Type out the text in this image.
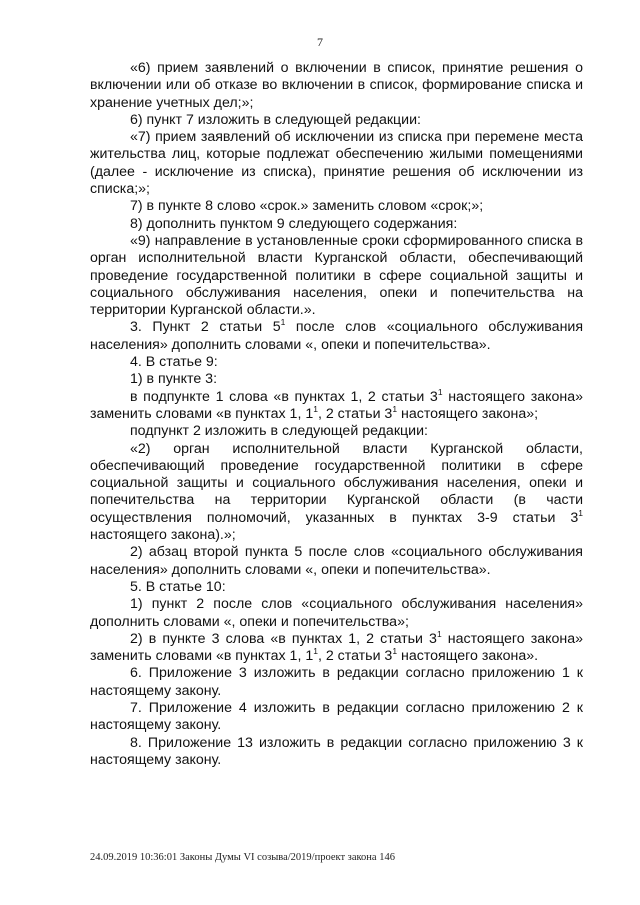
7

«6) прием заявлений о включении в список, принятие решения о включении или об отказе во включении в список, формирование списка и хранение учетных дел;»;

6) пункт 7 изложить в следующей редакции:

«7) прием заявлений об исключении из списка при перемене места жительства лиц, которые подлежат обеспечению жилыми помещениями (далее - исключение из списка), принятие решения об исключении из списка;»;

7) в пункте 8 слово «срок.» заменить словом «срок;»;

8) дополнить пунктом 9 следующего содержания:

«9) направление в установленные сроки сформированного списка в орган исполнительной власти Курганской области, обеспечивающий проведение государственной политики в сфере социальной защиты и социального обслуживания населения, опеки и попечительства на территории Курганской области.».

3. Пункт 2 статьи $5^1$ после слов «социального обслуживания населения» дополнить словами «, опеки и попечительства».

4. В статье 9:

1) в пункте 3:

в подпункте 1 слова «в пунктах 1, 2 статьи $3^1$ настоящего закона» заменить словами «в пунктах 1, $1^1$, 2 статьи $3^1$ настоящего закона»;

подпункт 2 изложить в следующей редакции:

«2) орган исполнительной власти Курганской области, обеспечивающий проведение государственной политики в сфере социальной защиты и социального обслуживания населения, опеки и попечительства на территории Курганской области (в части осуществления полномочий, указанных в пунктах 3-9 статьи $3^1$ настоящего закона).»;

2) абзац второй пункта 5 после слов «социального обслуживания населения» дополнить словами «, опеки и попечительства».

5. В статье 10:

1) пункт 2 после слов «социального обслуживания населения» дополнить словами «, опеки и попечительства»;

2) в пункте 3 слова «в пунктах 1, 2 статьи $3^1$ настоящего закона» заменить словами «в пунктах 1, $1^1$, 2 статьи $3^1$ настоящего закона».

6. Приложение 3 изложить в редакции согласно приложению 1 к настоящему закону.

7. Приложение 4 изложить в редакции согласно приложению 2 к настоящему закону.

8. Приложение 13 изложить в редакции согласно приложению 3 к настоящему закону.

24.09.2019 10:36:01 Законы Думы VI созыва/2019/проект закона 146
